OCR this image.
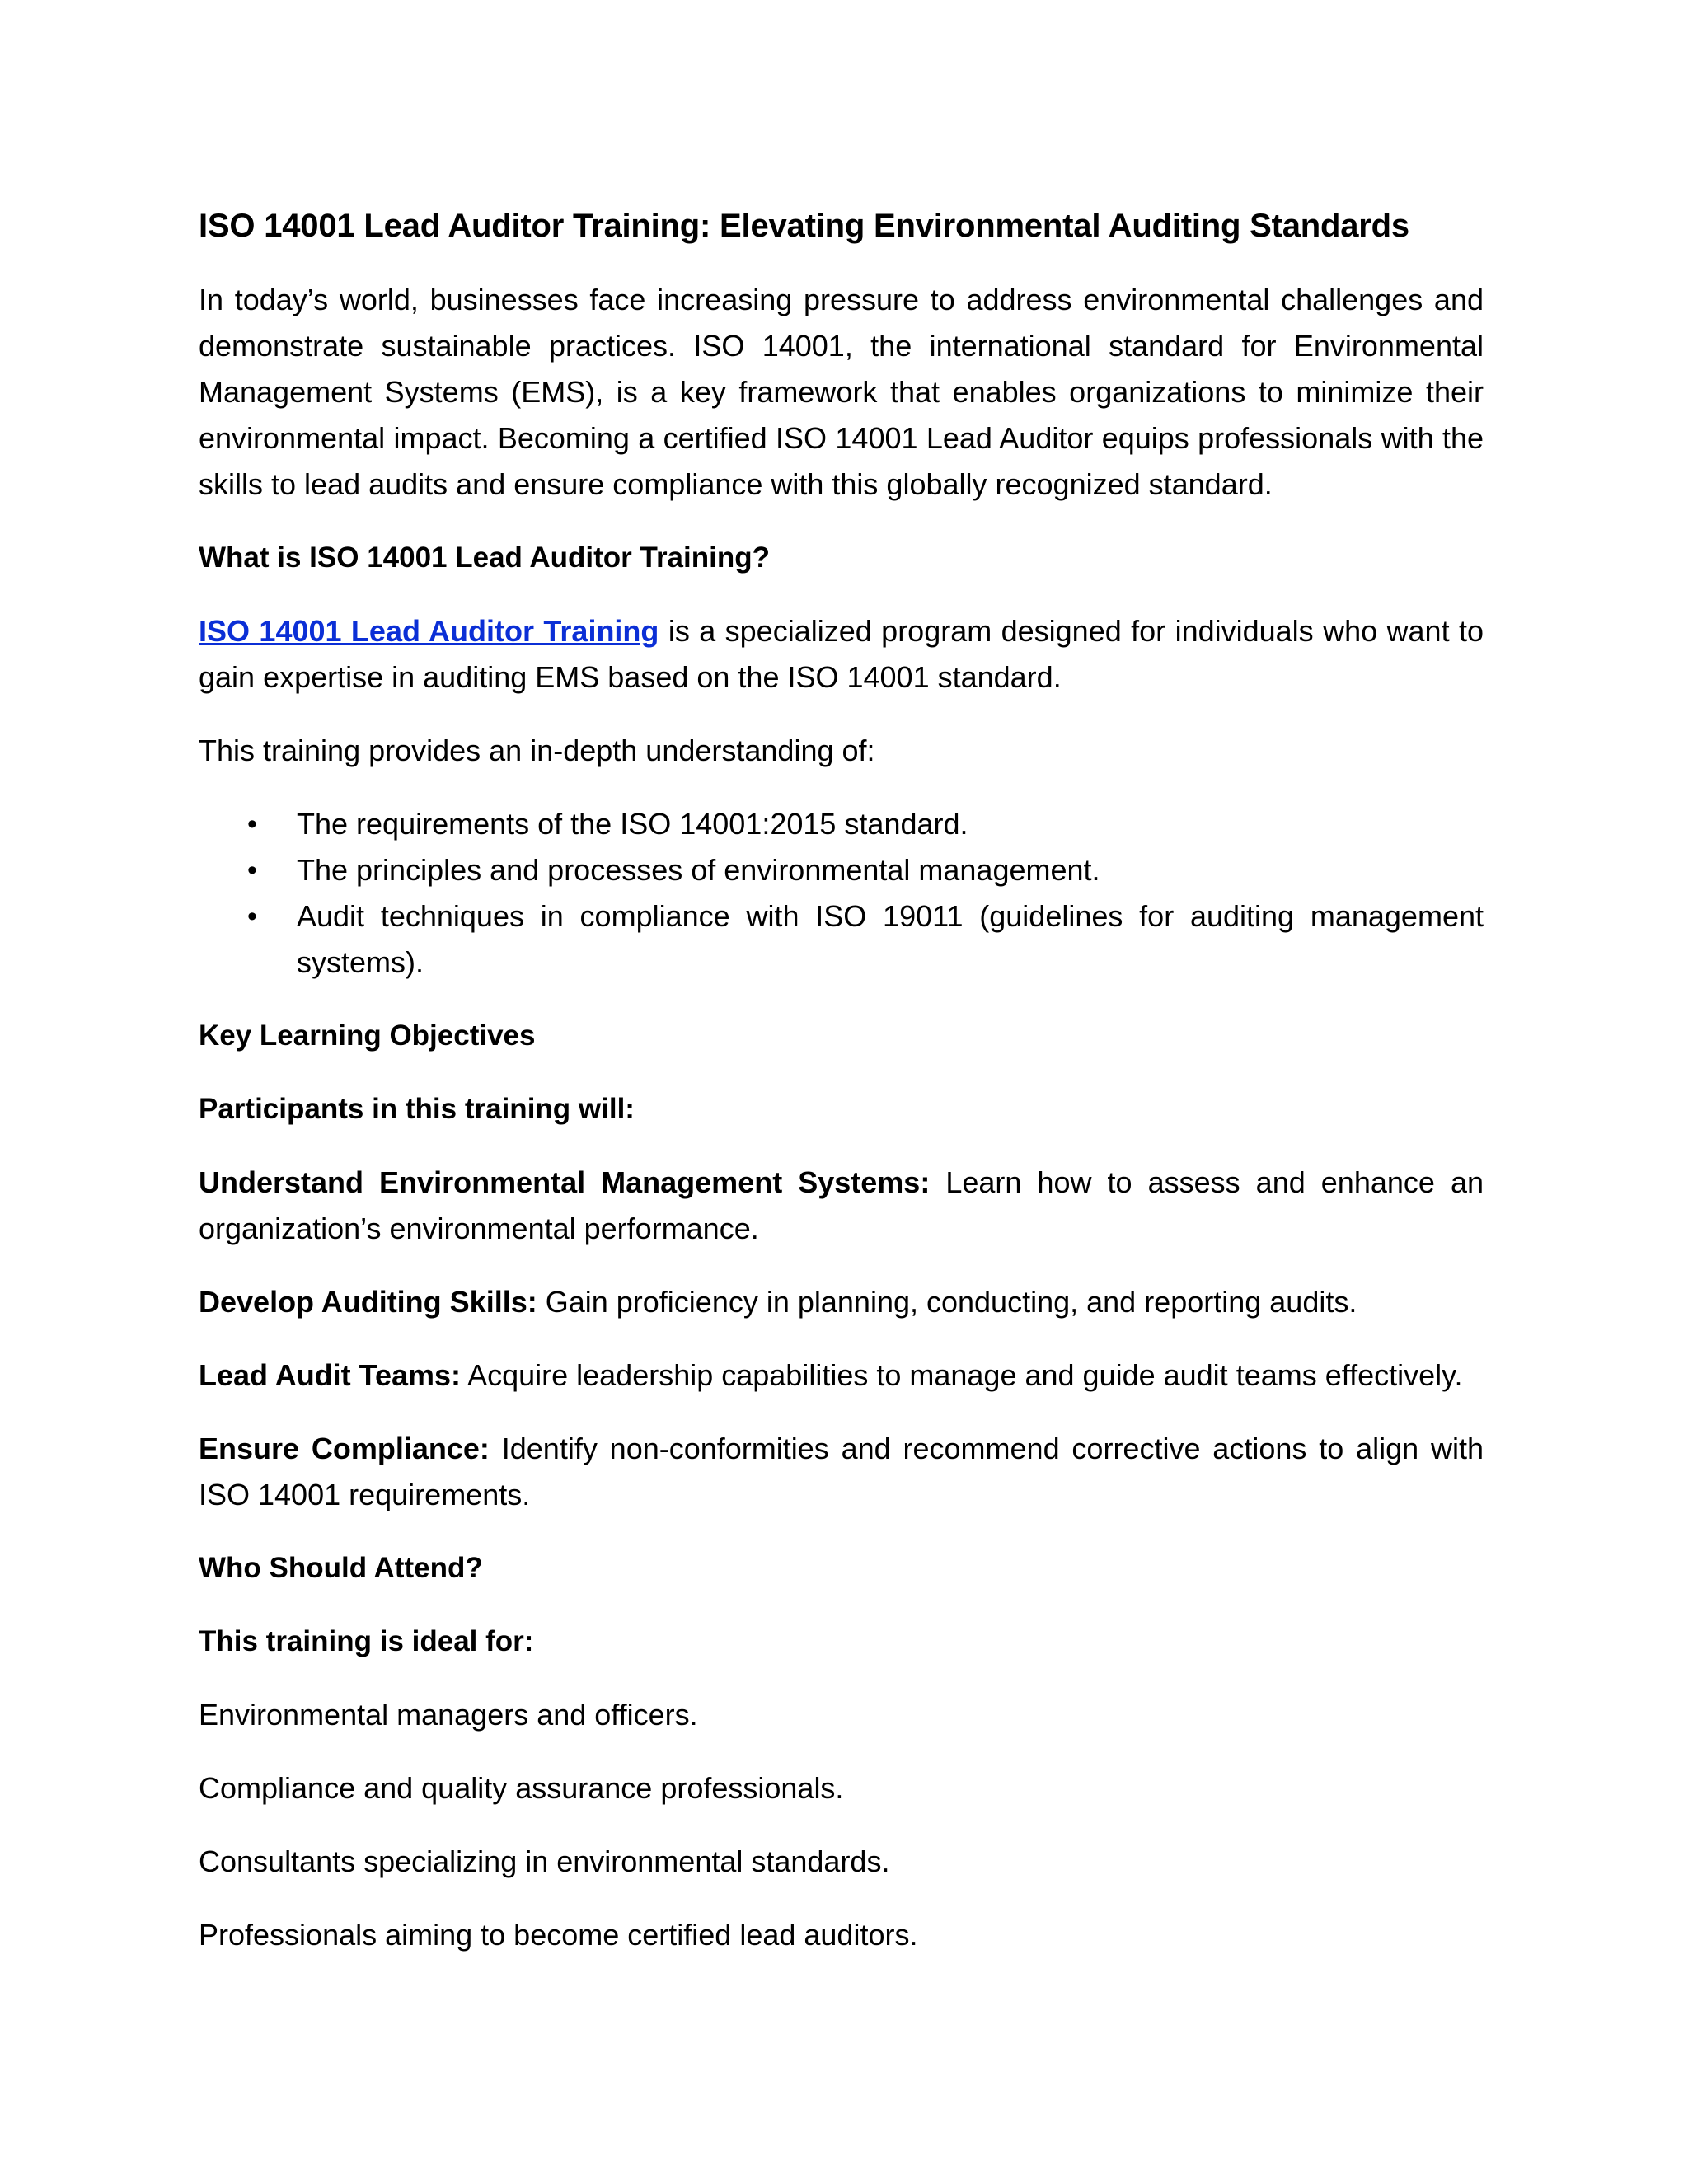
ISO 14001 Lead Auditor Training: Elevating Environmental Auditing Standards

In today’s world, businesses face increasing pressure to address environmental challenges and demonstrate sustainable practices. ISO 14001, the international standard for Environmental Management Systems (EMS), is a key framework that enables organizations to minimize their environmental impact. Becoming a certified ISO 14001 Lead Auditor equips professionals with the skills to lead audits and ensure compliance with this globally recognized standard.

What is ISO 14001 Lead Auditor Training?

ISO 14001 Lead Auditor Training is a specialized program designed for individuals who want to gain expertise in auditing EMS based on the ISO 14001 standard.

This training provides an in-depth understanding of:

• The requirements of the ISO 14001:2015 standard.
• The principles and processes of environmental management.
• Audit techniques in compliance with ISO 19011 (guidelines for auditing management systems).
Key Learning Objectives
Participants in this training will:

Understand Environmental Management Systems: Learn how to assess and enhance an organization’s environmental performance.

Develop Auditing Skills: Gain proficiency in planning, conducting, and reporting audits.

Lead Audit Teams: Acquire leadership capabilities to manage and guide audit teams effectively.

Ensure Compliance: Identify non-conformities and recommend corrective actions to align with ISO 14001 requirements.

Who Should Attend?
This training is ideal for:

Environmental managers and officers.

Compliance and quality assurance professionals.

Consultants specializing in environmental standards.

Professionals aiming to become certified lead auditors.
